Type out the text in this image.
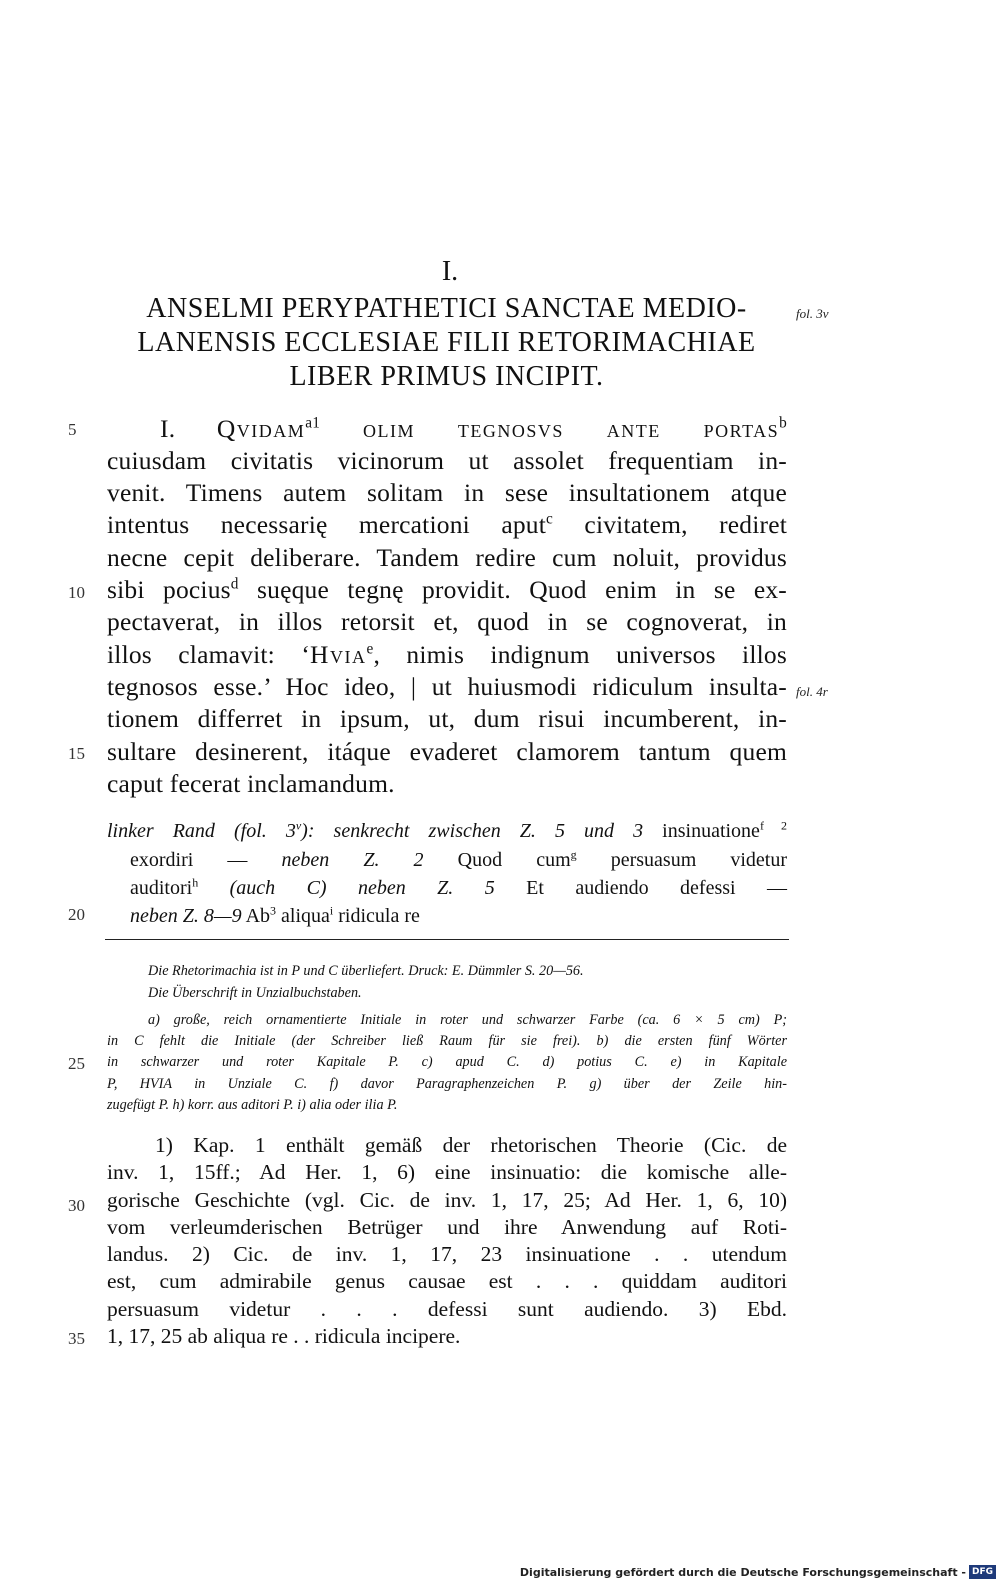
I.
ANSELMI PERYPATHETICI SANCTAE MEDIO-
LANENSIS ECCLESIAE FILII RETORIMACHIAE
LIBER PRIMUS INCIPIT.
fol. 3v
fol. 4r
5
10
15
20
25
30
35
I. Qvidam$^{a1}$ olim tegnosvs ante portas$^b$
cuiusdam civitatis vicinorum ut assolet frequentiam in-
venit. Timens autem solitam in sese insultationem atque
intentus necessarię mercationi aput$^c$ civitatem, rediret
necne cepit deliberare. Tandem redire cum noluit, providus
sibi pocius$^d$ suęque tegnę providit. Quod enim in se ex-
pectaverat, in illos retorsit et, quod in se cognoverat, in
illos clamavit: ‘Hvia$^e$, nimis indignum universos illos
tegnosos esse.’ Hoc ideo, | ut huiusmodi ridiculum insulta-
tionem differret in ipsum, ut, dum risui incumberent, in-
sultare desinerent, itáque evaderet clamorem tantum quem
caput fecerat inclamandum.
linker Rand (fol. 3$^v$): senkrecht zwischen Z. 5 und 3 insinuatione$^{f 2}$
exordiri — neben Z. 2 Quod cum$^g$ persuasum videtur
auditori$^h$ (auch C) neben Z. 5 Et audiendo defessi —
neben Z. 8—9 Ab$^3$ aliqua$^i$ ridicula re
Die Rhetorimachia ist in P und C überliefert. Druck: E. Dümmler S. 20—56.
Die Überschrift in Unzialbuchstaben.
a) große, reich ornamentierte Initiale in roter und schwarzer Farbe (ca. 6 × 5 cm) P;
in C fehlt die Initiale (der Schreiber ließ Raum für sie frei). b) die ersten fünf Wörter
in schwarzer und roter Kapitale P. c) apud C. d) potius C. e) in Kapitale
P, HVIA in Unziale C. f) davor Paragraphenzeichen P. g) über der Zeile hin-
zugefügt P. h) korr. aus aditori P. i) alia oder ilia P.
1) Kap. 1 enthält gemäß der rhetorischen Theorie (Cic. de
inv. 1, 15ff.; Ad Her. 1, 6) eine insinuatio: die komische alle-
gorische Geschichte (vgl. Cic. de inv. 1, 17, 25; Ad Her. 1, 6, 10)
vom verleumderischen Betrüger und ihre Anwendung auf Roti-
landus. 2) Cic. de inv. 1, 17, 23 insinuatione . . utendum
est, cum admirabile genus causae est . . . quiddam auditori
persuasum videtur . . . defessi sunt audiendo. 3) Ebd.
1, 17, 25 ab aliqua re . . ridicula incipere.
Digitalisierung gefördert durch die Deutsche Forschungsgemeinschaft - DFG
